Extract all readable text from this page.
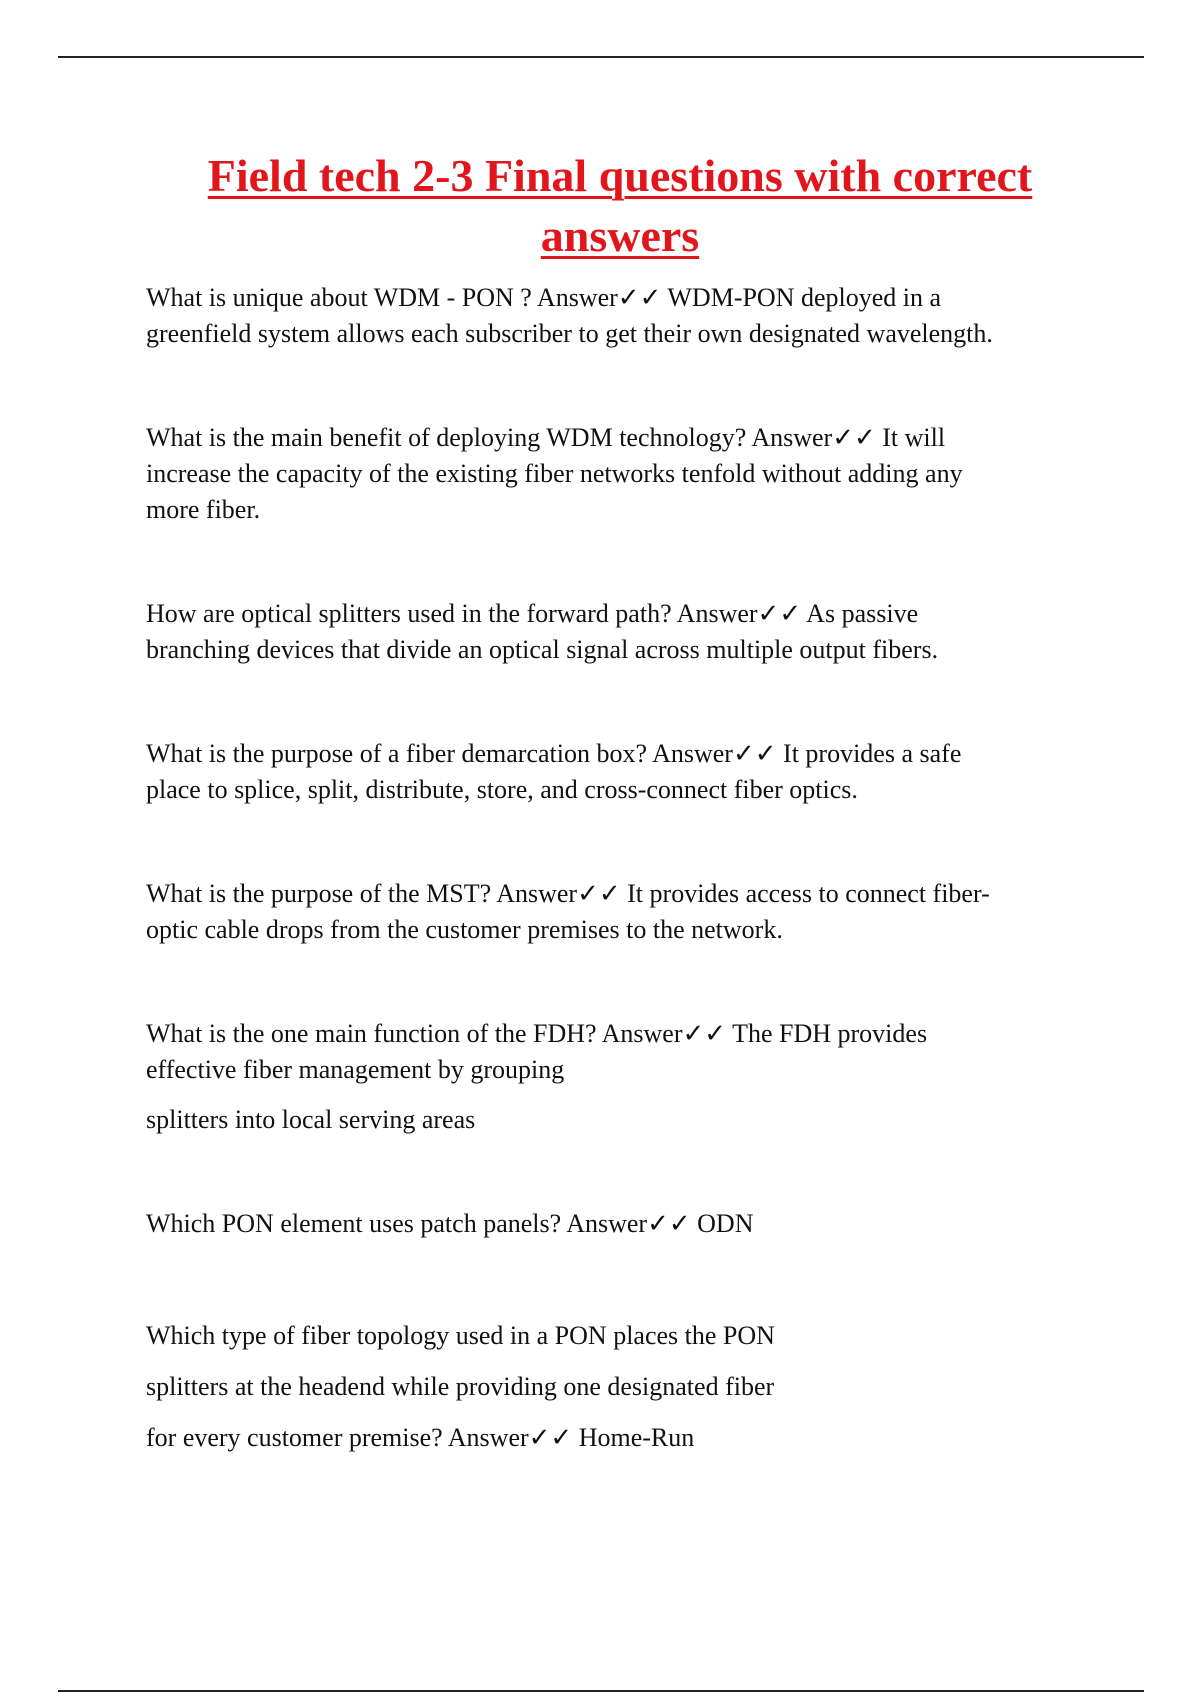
Field tech 2-3 Final questions with correct answers

What is unique about WDM - PON ? Answer✓✓ WDM-PON deployed in a
greenfield system allows each subscriber to get their own designated wavelength.

What is the main benefit of deploying WDM technology? Answer✓✓ It will
increase the capacity of the existing fiber networks tenfold without adding any
more fiber.

How are optical splitters used in the forward path? Answer✓✓ As passive
branching devices that divide an optical signal across multiple output fibers.

What is the purpose of a fiber demarcation box? Answer✓✓ It provides a safe
place to splice, split, distribute, store, and cross-connect fiber optics.

What is the purpose of the MST? Answer✓✓ It provides access to connect fiber-
optic cable drops from the customer premises to the network.

What is the one main function of the FDH? Answer✓✓ The FDH provides
effective fiber management by grouping
splitters into local serving areas

Which PON element uses patch panels? Answer✓✓ ODN

Which type of fiber topology used in a PON places the PON
splitters at the headend while providing one designated fiber
for every customer premise? Answer✓✓ Home-Run
